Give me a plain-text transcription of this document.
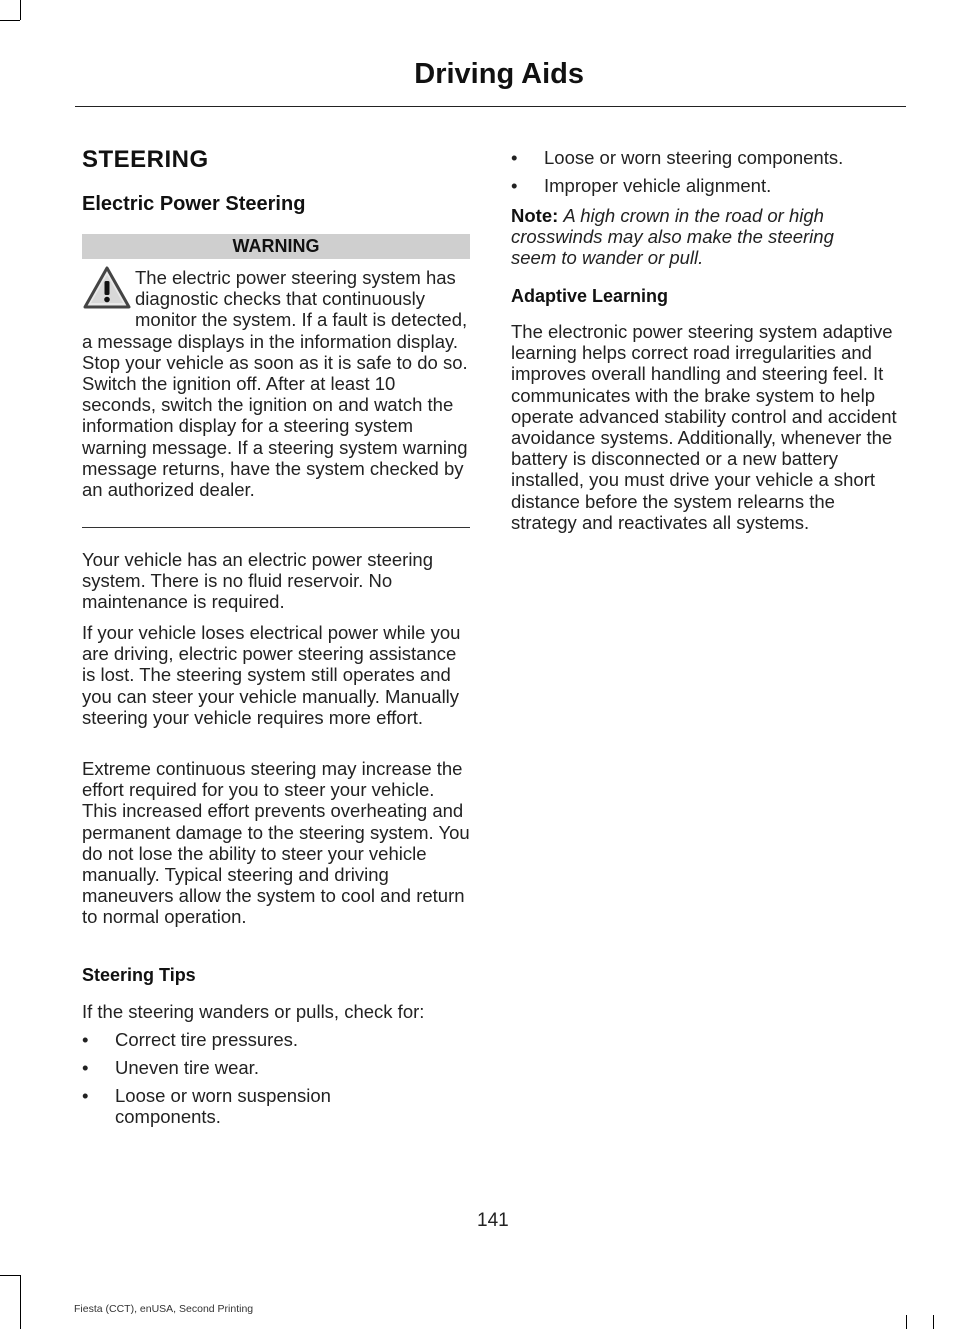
Driving Aids
STEERING
Electric Power Steering
WARNING

The electric power steering system has diagnostic checks that continuously monitor the system. If a fault is detected, a message displays in the information display. Stop your vehicle as soon as it is safe to do so. Switch the ignition off. After at least 10 seconds, switch the ignition on and watch the information display for a steering system warning message. If a steering system warning message returns, have the system checked by an authorized dealer.

Your vehicle has an electric power steering system. There is no fluid reservoir. No maintenance is required.

If your vehicle loses electrical power while you are driving, electric power steering assistance is lost. The steering system still operates and you can steer your vehicle manually. Manually steering your vehicle requires more effort.

Extreme continuous steering may increase the effort required for you to steer your vehicle. This increased effort prevents overheating and permanent damage to the steering system. You do not lose the ability to steer your vehicle manually. Typical steering and driving maneuvers allow the system to cool and return to normal operation.

Steering Tips

If the steering wanders or pulls, check for:

• Correct tire pressures.
• Uneven tire wear.
• Loose or worn suspension components.
• Loose or worn steering components.
• Improper vehicle alignment.

Note: A high crown in the road or high crosswinds may also make the steering seem to wander or pull.

Adaptive Learning

The electronic power steering system adaptive learning helps correct road irregularities and improves overall handling and steering feel. It communicates with the brake system to help operate advanced stability control and accident avoidance systems. Additionally, whenever the battery is disconnected or a new battery installed, you must drive your vehicle a short distance before the system relearns the strategy and reactivates all systems.

141
Fiesta (CCT), enUSA, Second Printing
